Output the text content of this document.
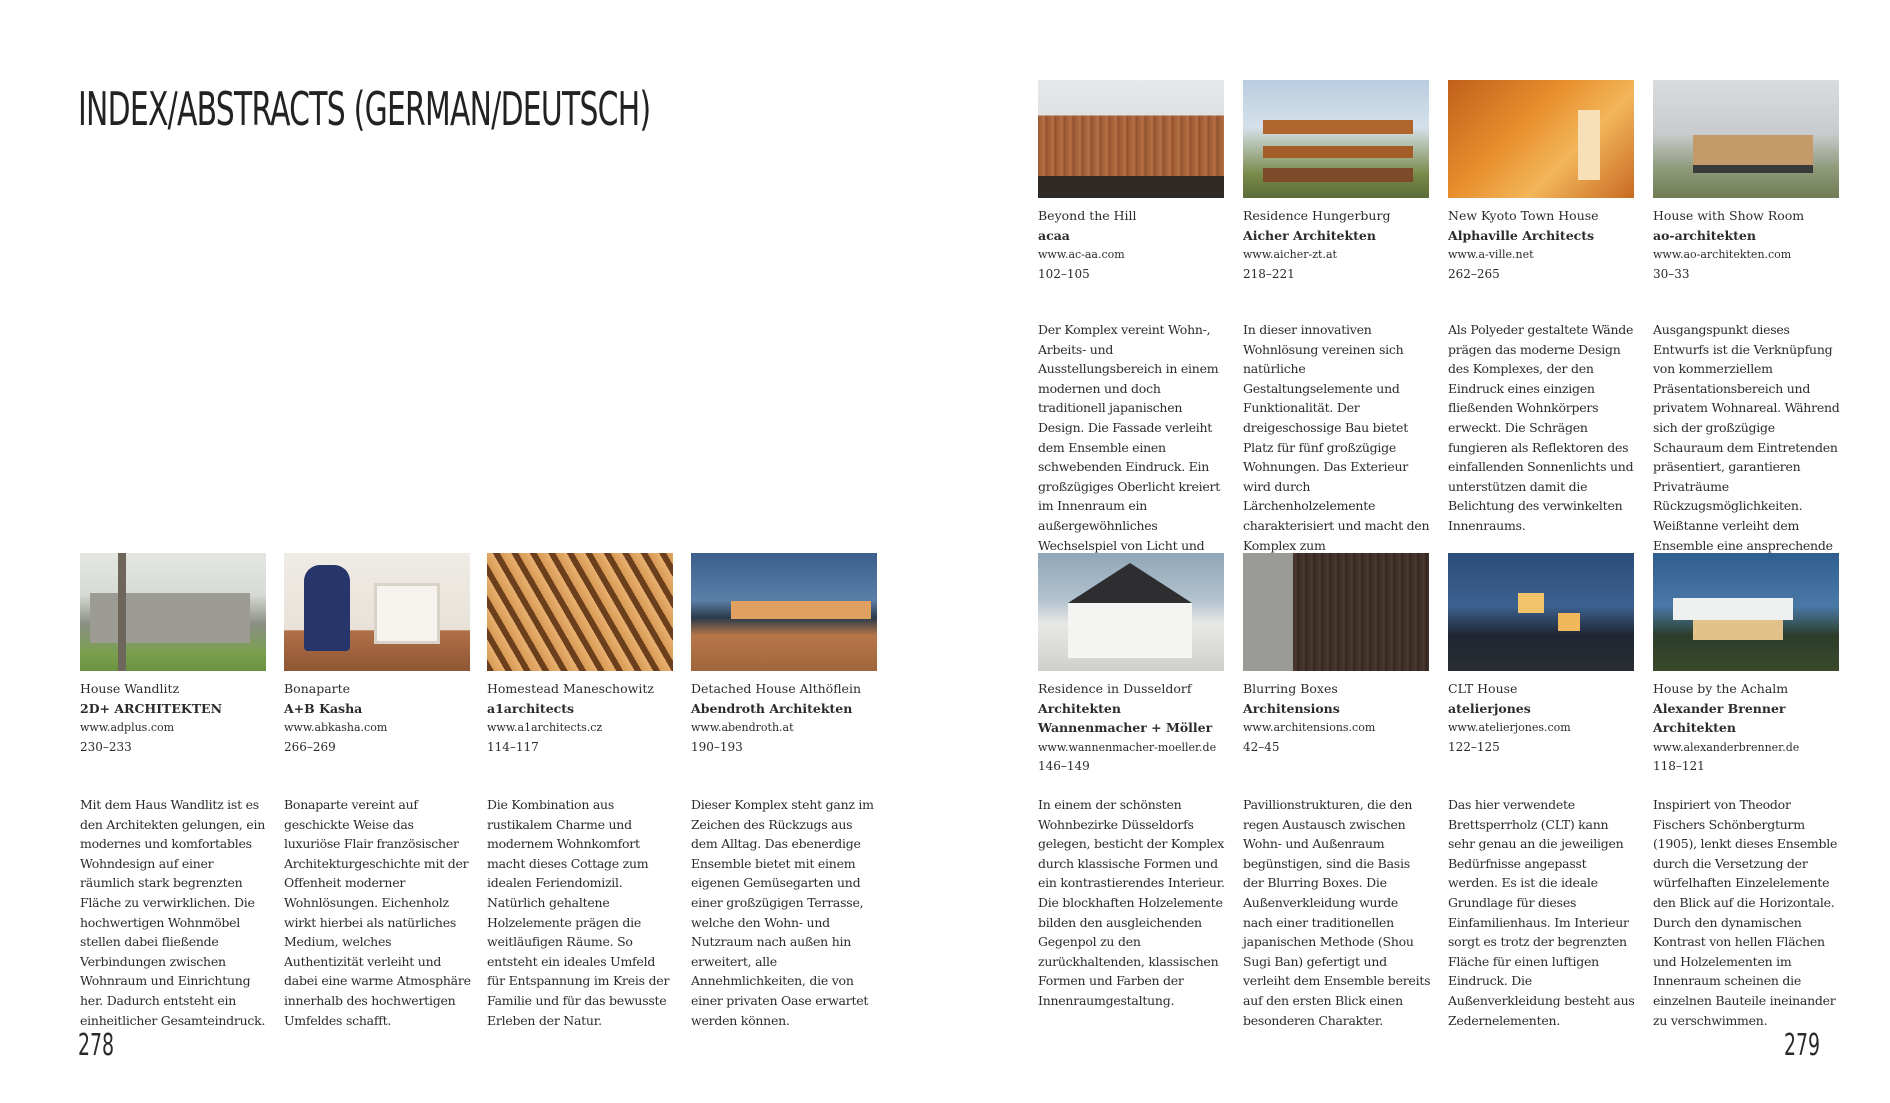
INDEX/ABSTRACTS (GERMAN/DEUTSCH)
Beyond the Hill
acaa
www.ac-aa.com
102–105
Residence Hungerburg
Aicher Architekten
www.aicher-zt.at
218–221
New Kyoto Town House
Alphaville Architects
www.a-ville.net
262–265
House with Show Room
ao-architekten
www.ao-architekten.com
30–33
Der Komplex vereint Wohn-, Arbeits- und Ausstellungsbereich in einem modernen und doch traditionell japanischen Design. Die Fassade verleiht dem Ensemble einen schwebenden Eindruck. Ein großzügiges Oberlicht kreiert im Innenraum ein außergewöhnliches Wechselspiel von Licht und
In dieser innovativen Wohnlösung vereinen sich natürliche Gestaltungselemente und Funktionalität. Der dreigeschossige Bau bietet Platz für fünf großzügige Wohnungen. Das Exterieur wird durch Lärchenholzelemente charakterisiert und macht den Komplex zum
Als Polyeder gestaltete Wände prägen das moderne Design des Komplexes, der den Eindruck eines einzigen fließenden Wohnkörpers erweckt. Die Schrägen fungieren als Reflektoren des einfallenden Sonnenlichts und unterstützen damit die Belichtung des verwinkelten Innenraums.
Ausgangspunkt dieses Entwurfs ist die Verknüpfung von kommerziellem Präsentationsbereich und privatem Wohnareal. Während sich der großzügige Schauraum dem Eintretenden präsentiert, garantieren Privaträume Rückzugsmöglichkeiten. Weißtanne verleiht dem Ensemble eine ansprechende
House Wandlitz
2D+ ARCHITEKTEN
www.adplus.com
230–233
Bonaparte
A+B Kasha
www.abkasha.com
266–269
Homestead Maneschowitz
a1architects
www.a1architects.cz
114–117
Detached House Althöflein
Abendroth Architekten
www.abendroth.at
190–193
Mit dem Haus Wandlitz ist es den Architekten gelungen, ein modernes und komfortables Wohndesign auf einer räumlich stark begrenzten Fläche zu verwirklichen. Die hochwertigen Wohnmöbel stellen dabei fließende Verbindungen zwischen Wohnraum und Einrichtung her. Dadurch entsteht ein einheitlicher Gesamteindruck.
Bonaparte vereint auf geschickte Weise das luxuriöse Flair französischer Architekturgeschichte mit der Offenheit moderner Wohnlösungen. Eichenholz wirkt hierbei als natürliches Medium, welches Authentizität verleiht und dabei eine warme Atmosphäre innerhalb des hochwertigen Umfeldes schafft.
Die Kombination aus rustikalem Charme und modernem Wohnkomfort macht dieses Cottage zum idealen Feriendomizil. Natürlich gehaltene Holzelemente prägen die weitläufigen Räume. So entsteht ein ideales Umfeld für Entspannung im Kreis der Familie und für das bewusste Erleben der Natur.
Dieser Komplex steht ganz im Zeichen des Rückzugs aus dem Alltag. Das ebenerdige Ensemble bietet mit einem eigenen Gemüsegarten und einer großzügigen Terrasse, welche den Wohn- und Nutzraum nach außen hin erweitert, alle Annehmlichkeiten, die von einer privaten Oase erwartet werden können.
Residence in Dusseldorf
Architekten Wannenmacher + Möller
www.wannenmacher-moeller.de
146–149
Blurring Boxes
Architensions
www.architensions.com
42–45
CLT House
atelierjones
www.atelierjones.com
122–125
House by the Achalm
Alexander Brenner Architekten
www.alexanderbrenner.de
118–121
In einem der schönsten Wohnbezirke Düsseldorfs gelegen, besticht der Komplex durch klassische Formen und ein kontrastierendes Interieur. Die blockhaften Holzelemente bilden den ausgleichenden Gegenpol zu den zurückhaltenden, klassischen Formen und Farben der Innenraumgestaltung.
Pavillionstrukturen, die den regen Austausch zwischen Wohn- und Außenraum begünstigen, sind die Basis der Blurring Boxes. Die Außenverkleidung wurde nach einer traditionellen japanischen Methode (Shou Sugi Ban) gefertigt und verleiht dem Ensemble bereits auf den ersten Blick einen besonderen Charakter.
Das hier verwendete Brettsperrholz (CLT) kann sehr genau an die jeweiligen Bedürfnisse angepasst werden. Es ist die ideale Grundlage für dieses Einfamilienhaus. Im Interieur sorgt es trotz der begrenzten Fläche für einen luftigen Eindruck. Die Außenverkleidung besteht aus Zedernelementen.
Inspiriert von Theodor Fischers Schönbergturm (1905), lenkt dieses Ensemble durch die Versetzung der würfelhaften Einzelelemente den Blick auf die Horizontale. Durch den dynamischen Kontrast von hellen Flächen und Holzelementen im Innenraum scheinen die einzelnen Bauteile ineinander zu verschwimmen.
278	279
